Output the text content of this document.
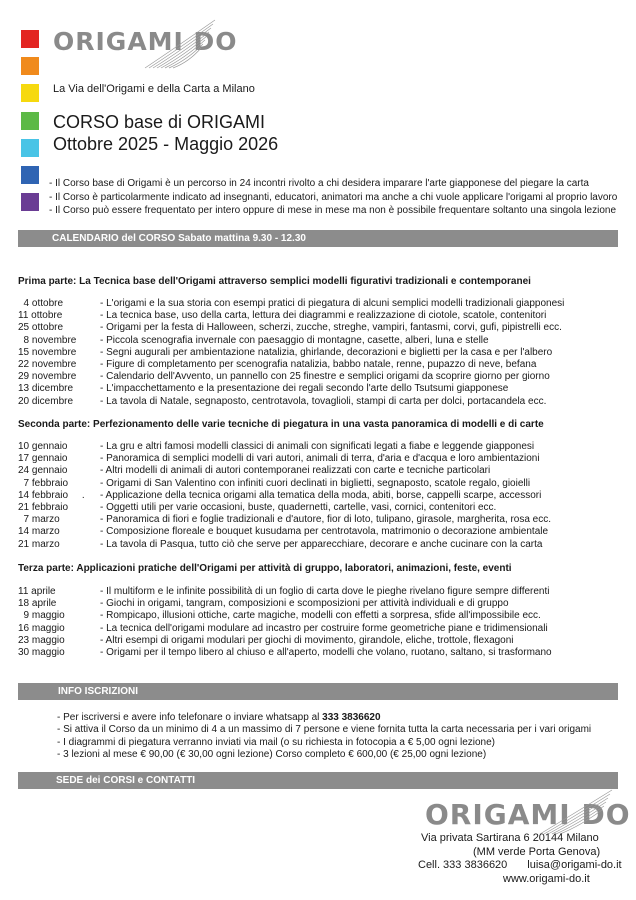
ORIGAMI DO
La Via dell'Origami e della Carta a Milano
CORSO base di ORIGAMI
Ottobre 2025 - Maggio 2026
- Il Corso base di Origami è un percorso in 24 incontri rivolto a chi desidera imparare l'arte giapponese del piegare la carta
- Il Corso è particolarmente indicato ad insegnanti, educatori, animatori ma anche a chi vuole applicare l'origami al proprio lavoro
- Il Corso può essere frequentato per intero oppure di mese in mese ma non è possibile frequentare soltanto una singola lezione
CALENDARIO del CORSO Sabato mattina 9.30 - 12.30
Prima parte: La Tecnica base dell'Origami attraverso semplici modelli figurativi tradizionali e contemporanei
4 ottobre	- L'origami e la sua storia con esempi pratici di piegatura di alcuni semplici modelli tradizionali giapponesi
11 ottobre	- La tecnica base, uso della carta, lettura dei diagrammi e realizzazione di ciotole, scatole, contenitori
25 ottobre	- Origami per la festa di Halloween, scherzi, zucche, streghe, vampiri, fantasmi, corvi, gufi, pipistrelli ecc.
8 novembre	- Piccola scenografia invernale con paesaggio di montagne, casette, alberi, luna e stelle
15 novembre	- Segni augurali per ambientazione natalizia, ghirlande, decorazioni e biglietti per la casa e per l'albero
22 novembre	- Figure di completamento per scenografia natalizia, babbo natale, renne, pupazzo di neve, befana
29 novembre	- Calendario dell'Avvento, un pannello con 25 finestre e semplici origami da scoprire giorno per giorno
13 dicembre	- L'impacchettamento e la presentazione dei regali secondo l'arte dello Tsutsumi giapponese
20 dicembre	- La tavola di Natale, segnaposto, centrotavola, tovaglioli, stampi di carta per dolci, portacandela ecc.
Seconda parte: Perfezionamento delle varie tecniche di piegatura in una vasta panoramica di modelli e di carte
10 gennaio	- La gru e altri famosi modelli classici di animali con significati legati a fiabe e leggende giapponesi
17 gennaio	- Panoramica di semplici modelli di vari autori, animali di terra, d'aria e d'acqua e loro ambientazioni
24 gennaio	- Altri modelli di animali di autori contemporanei realizzati con carte e tecniche particolari
7 febbraio	- Origami di San Valentino con infiniti cuori declinati in biglietti, segnaposto, scatole regalo, gioielli
14 febbraio     .	- Applicazione della tecnica origami alla tematica della moda, abiti, borse, cappelli scarpe, accessori
21 febbraio	- Oggetti utili per varie occasioni, buste, quadernetti, cartelle, vasi, cornici, contenitori ecc.
7 marzo	- Panoramica di fiori e foglie tradizionali e d'autore, fior di loto, tulipano, girasole, margherita, rosa ecc.
14 marzo	- Composizione floreale e bouquet kusudama per centrotavola, matrimonio o decorazione ambientale
21 marzo	- La tavola di Pasqua, tutto ciò che serve per apparecchiare, decorare e anche cucinare con la carta
Terza parte: Applicazioni pratiche dell'Origami per attività di gruppo, laboratori, animazioni, feste, eventi
11 aprile	- Il multiform e le infinite possibilità di un foglio di carta dove le pieghe rivelano figure sempre differenti
18 aprile	- Giochi in origami, tangram, composizioni e scomposizioni per attività individuali e di gruppo
9 maggio	- Rompicapo, illusioni ottiche, carte magiche, modelli con effetti a sorpresa, sfide all'impossibile ecc.
16 maggio	- La tecnica dell'origami modulare ad incastro per costruire forme geometriche piane e tridimensionali
23 maggio	- Altri esempi di origami modulari per giochi di movimento, girandole, eliche, trottole, flexagoni
30 maggio	- Origami per il tempo libero al chiuso e all'aperto, modelli che volano, ruotano, saltano, si trasformano
INFO ISCRIZIONI
- Per iscriversi e avere info telefonare o inviare whatsapp al 333 3836620
- Si attiva il Corso da un minimo di 4 a un massimo di 7 persone e viene fornita tutta la carta necessaria per i vari origami
- I diagrammi di piegatura verranno inviati via mail (o su richiesta in fotocopia a € 5,00 ogni lezione)
- 3 lezioni al mese € 90,00 (€ 30,00 ogni lezione) Corso completo € 600,00 (€ 25,00 ogni lezione)
SEDE dei CORSI e CONTATTI
ORIGAMI DO
Via privata Sartirana 6 20144 Milano
(MM verde Porta Genova)
Cell. 333 3836620 luisa@origami-do.it
www.origami-do.it
